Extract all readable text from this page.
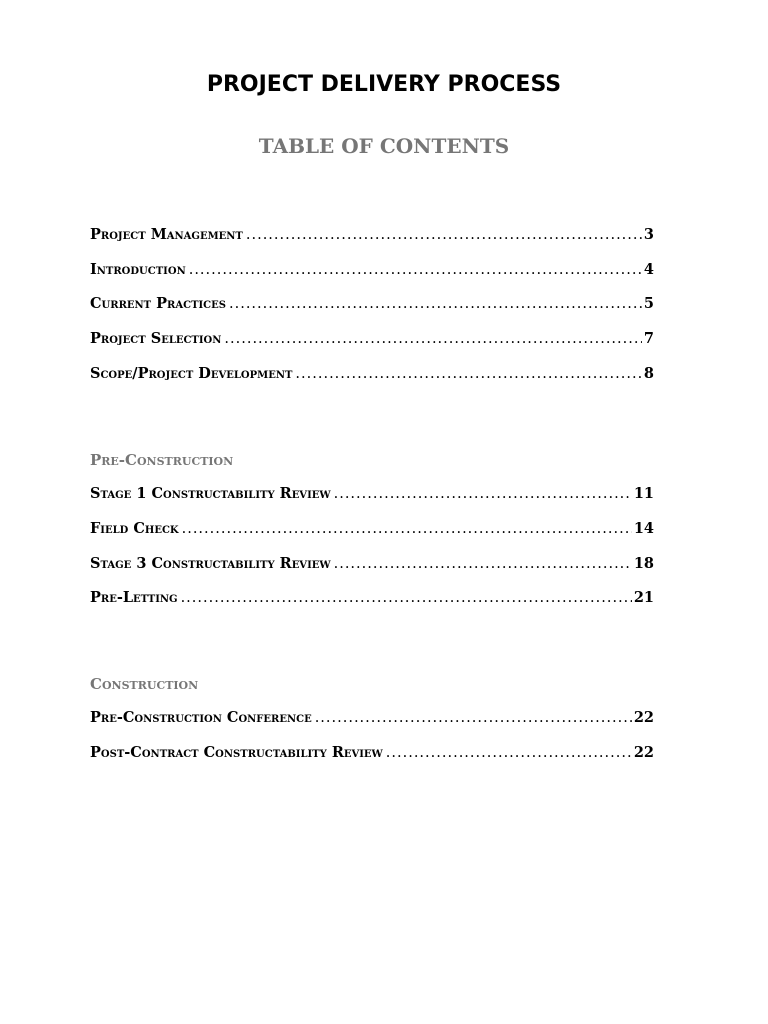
PROJECT DELIVERY PROCESS
TABLE OF CONTENTS
Project Management .....	3
Introduction .....	4
Current Practices .....	5
Project Selection .....	7
Scope/Project Development .....	8
Pre-Construction
Stage 1 Constructability Review .....	11
Field Check .....	14
Stage 3 Constructability Review .....	18
Pre-Letting .....	21
Construction
Pre-Construction Conference .....	22
Post-Contract Constructability Review .....	22
